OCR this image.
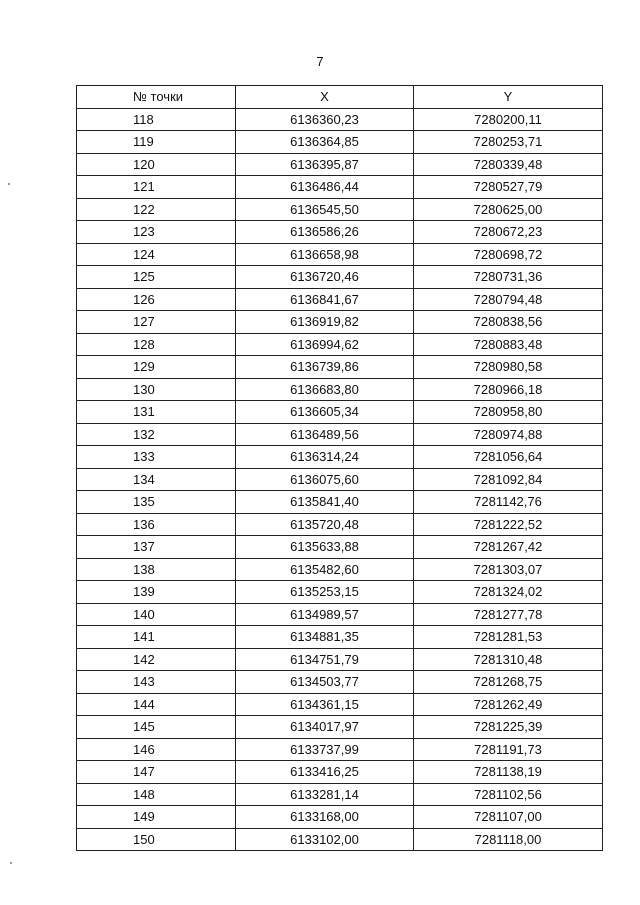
7
№ точки	X	Y
118	6136360,23	7280200,11
119	6136364,85	7280253,71
120	6136395,87	7280339,48
121	6136486,44	7280527,79
122	6136545,50	7280625,00
123	6136586,26	7280672,23
124	6136658,98	7280698,72
125	6136720,46	7280731,36
126	6136841,67	7280794,48
127	6136919,82	7280838,56
128	6136994,62	7280883,48
129	6136739,86	7280980,58
130	6136683,80	7280966,18
131	6136605,34	7280958,80
132	6136489,56	7280974,88
133	6136314,24	7281056,64
134	6136075,60	7281092,84
135	6135841,40	7281142,76
136	6135720,48	7281222,52
137	6135633,88	7281267,42
138	6135482,60	7281303,07
139	6135253,15	7281324,02
140	6134989,57	7281277,78
141	6134881,35	7281281,53
142	6134751,79	7281310,48
143	6134503,77	7281268,75
144	6134361,15	7281262,49
145	6134017,97	7281225,39
146	6133737,99	7281191,73
147	6133416,25	7281138,19
148	6133281,14	7281102,56
149	6133168,00	7281107,00
150	6133102,00	7281118,00
